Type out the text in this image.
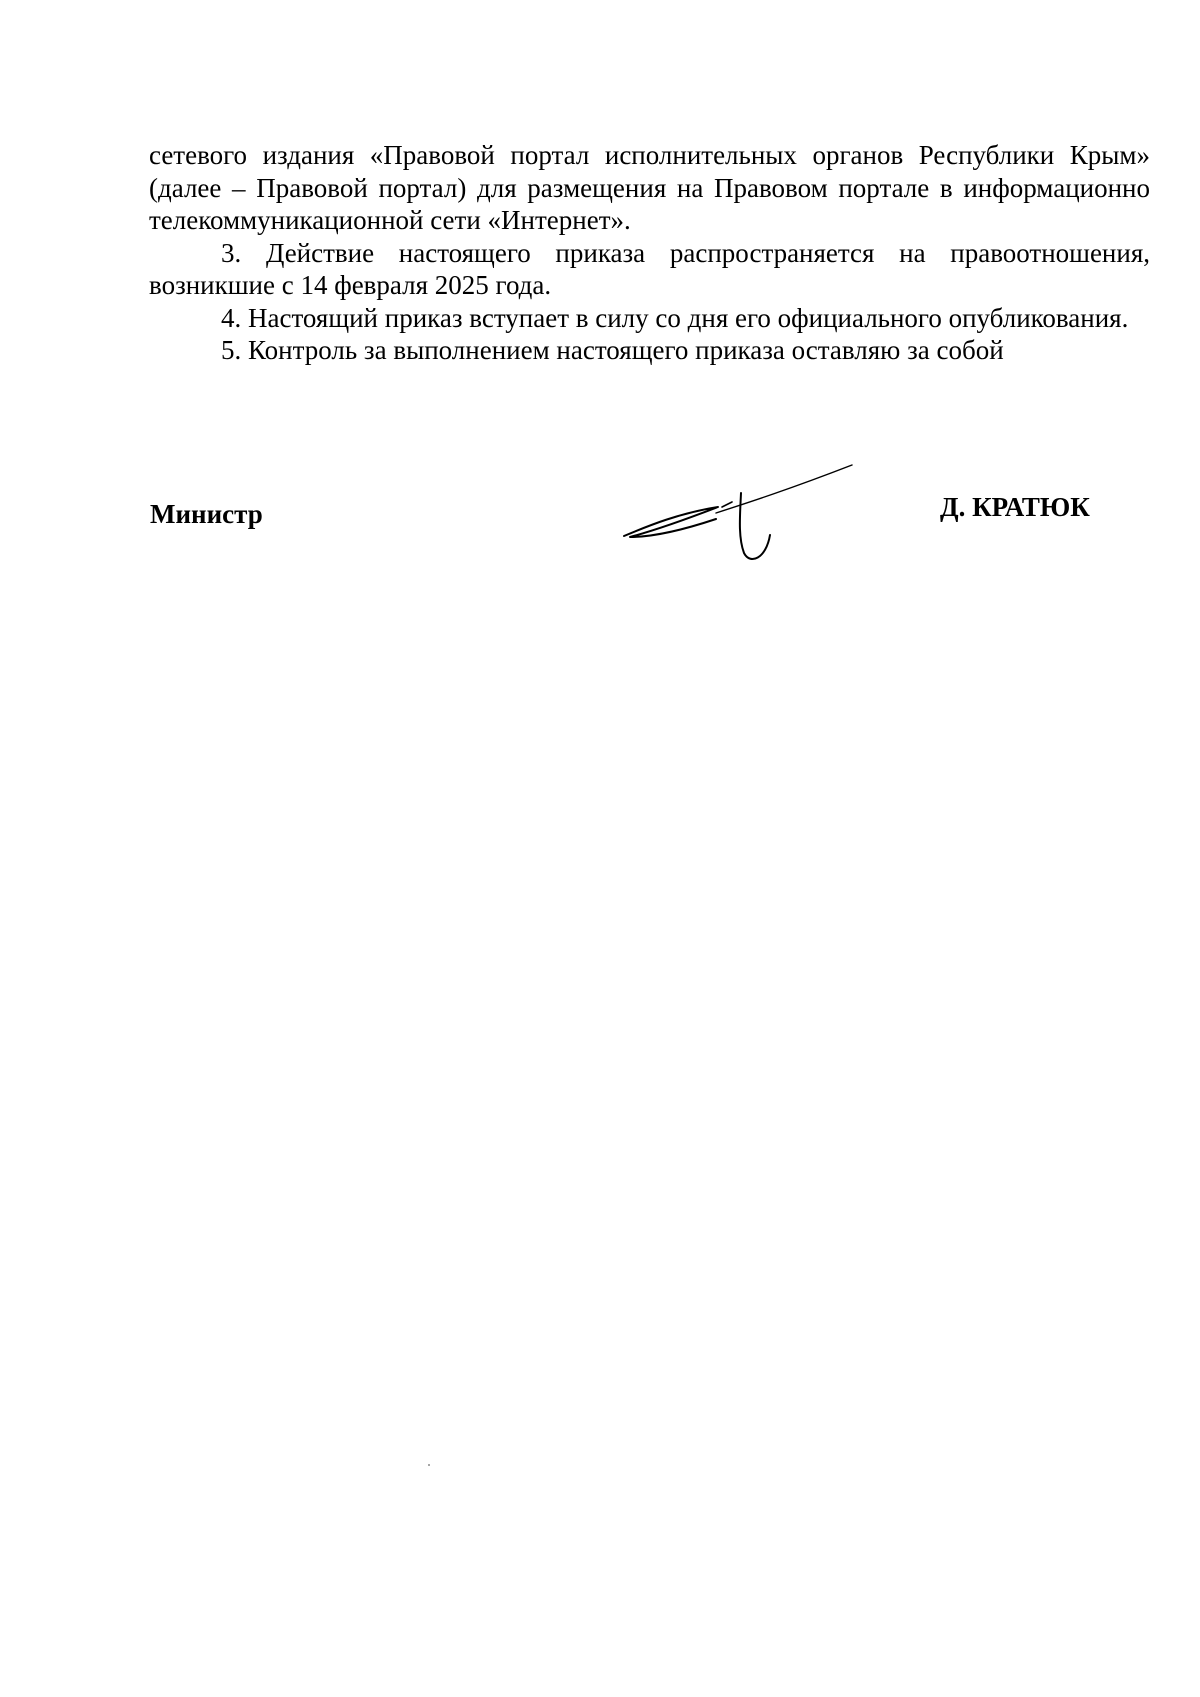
сетевого издания «Правовой портал исполнительных органов Республики Крым» (далее – Правовой портал) для размещения на Правовом портале в информационно телекоммуникационной сети «Интернет».

3. Действие настоящего приказа распространяется на правоотношения, возникшие с 14 февраля 2025 года.

4. Настоящий приказ вступает в силу со дня его официального опубликования.

5. Контроль за выполнением настоящего приказа оставляю за собой

Министр	Д. КРАТЮК
